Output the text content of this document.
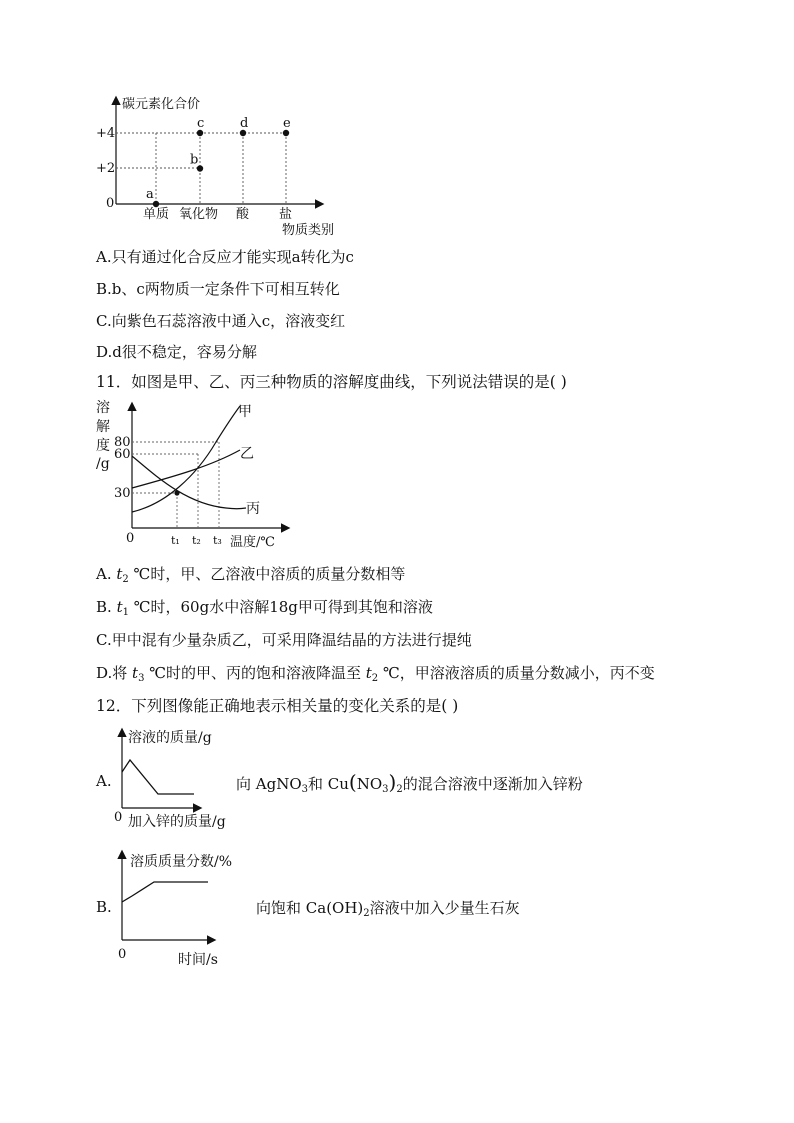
碳元素化合价
+4
+2
0
a
b
c	d	e
单质 氧化物 酸 盐
物质类别
A.只有通过化合反应才能实现a转化为c
B.b、c两物质一定条件下可相互转化
C.向紫色石蕊溶液中通入c，溶液变红
D.d很不稳定，容易分解
11．如图是甲、乙、丙三种物质的溶解度曲线，下列说法错误的是( )
溶
解
度
/g
80
60
30
0
甲
乙
丙
t₁ t₂ t₃ 温度/℃
A. $t_2$ ℃时，甲、乙溶液中溶质的质量分数相等
B. $t_1$ ℃时，60g水中溶解18g甲可得到其饱和溶液
C.甲中混有少量杂质乙，可采用降温结晶的方法进行提纯
D.将 $t_3$ ℃时的甲、丙的饱和溶液降温至 $t_2$ ℃，甲溶液溶质的质量分数减小，丙不变
12．下列图像能正确地表示相关量的变化关系的是( )
A.
溶液的质量/g
0 加入锌的质量/g
向 AgNO$_3$和 $Cu(NO_3)_2$的混合溶液中逐渐加入锌粉
B.
溶质质量分数/%
0	时间/s
向饱和 $Ca(OH)_2$溶液中加入少量生石灰
